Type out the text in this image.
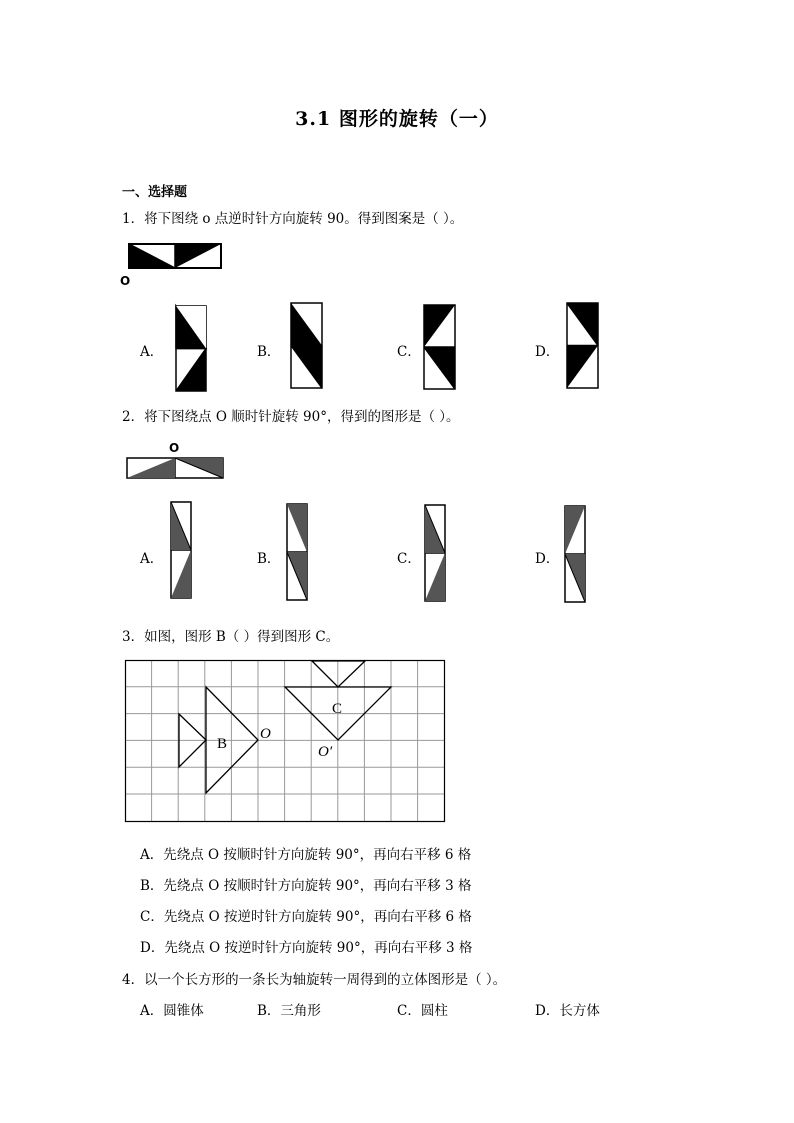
3.1 图形的旋转（一）
一、选择题
1．将下图绕 o 点逆时针方向旋转 90。得到图案是（ ）。
O
A．	B．	C．	D．
2．将下图绕点 O 顺时针旋转 90°，得到的图形是（ ）。
O
A．	B．	C．	D．
3．如图，图形 B（ ）得到图形 C。
B
C
O
O′
A．先绕点 O 按顺时针方向旋转 90°，再向右平移 6 格
B．先绕点 O 按顺时针方向旋转 90°，再向右平移 3 格
C．先绕点 O 按逆时针方向旋转 90°，再向右平移 6 格
D．先绕点 O 按逆时针方向旋转 90°，再向右平移 3 格
4．以一个长方形的一条长为轴旋转一周得到的立体图形是（ ）。
A．圆锥体	B．三角形	C．圆柱	D．长方体
